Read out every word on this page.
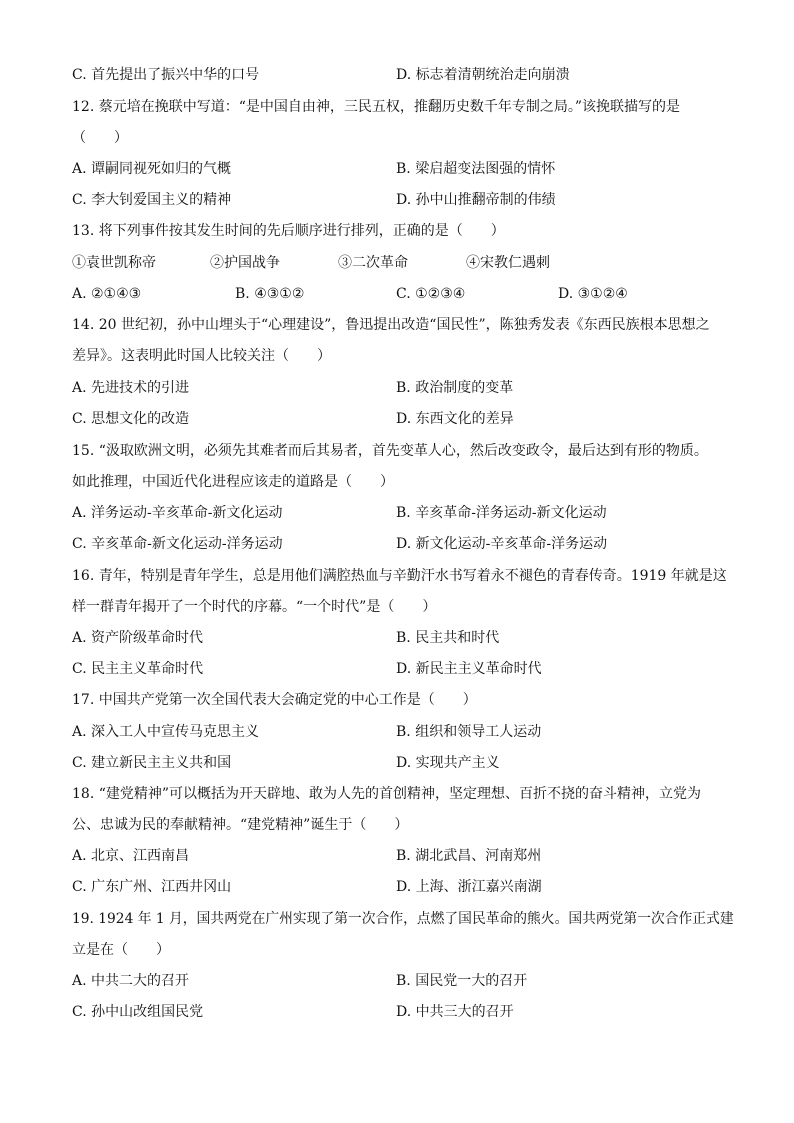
C. 首先提出了振兴中华的口号	D. 标志着清朝统治走向崩溃
12. 蔡元培在挽联中写道：“是中国自由神，三民五权，推翻历史数千年专制之局。”该挽联描写的是
（　　）
A. 谭嗣同视死如归的气概	B. 梁启超变法图强的情怀
C. 李大钊爱国主义的精神	D. 孙中山推翻帝制的伟绩
13. 将下列事件按其发生时间的先后顺序进行排列，正确的是（　　）
①袁世凯称帝	②护国战争	③二次革命	④宋教仁遇刺
A. ②①④③	B. ④③①②	C. ①②③④	D. ③①②④
14. 20 世纪初，孙中山埋头于“心理建设”，鲁迅提出改造“国民性”，陈独秀发表《东西民族根本思想之
差异》。这表明此时国人比较关注（　　）
A. 先进技术的引进	B. 政治制度的变革
C. 思想文化的改造	D. 东西文化的差异
15. “汲取欧洲文明，必须先其难者而后其易者，首先变革人心，然后改变政令，最后达到有形的物质。
如此推理，中国近代化进程应该走的道路是（　　）
A. 洋务运动-辛亥革命-新文化运动	B. 辛亥革命-洋务运动-新文化运动
C. 辛亥革命-新文化运动-洋务运动	D. 新文化运动-辛亥革命-洋务运动
16. 青年，特别是青年学生，总是用他们满腔热血与辛勤汗水书写着永不褪色的青春传奇。1919 年就是这
样一群青年揭开了一个时代的序幕。“一个时代”是（　　）
A. 资产阶级革命时代	B. 民主共和时代
C. 民主主义革命时代	D. 新民主主义革命时代
17. 中国共产党第一次全国代表大会确定党的中心工作是（　　）
A. 深入工人中宣传马克思主义	B. 组织和领导工人运动
C. 建立新民主主义共和国	D. 实现共产主义
18. “建党精神”可以概括为开天辟地、敢为人先的首创精神，坚定理想、百折不挠的奋斗精神，立党为
公、忠诚为民的奉献精神。“建党精神”诞生于（　　）
A. 北京、江西南昌	B. 湖北武昌、河南郑州
C. 广东广州、江西井冈山	D. 上海、浙江嘉兴南湖
19. 1924 年 1 月，国共两党在广州实现了第一次合作，点燃了国民革命的熊火。国共两党第一次合作正式建
立是在（　　）
A. 中共二大的召开	B. 国民党一大的召开
C. 孙中山改组国民党	D. 中共三大的召开
